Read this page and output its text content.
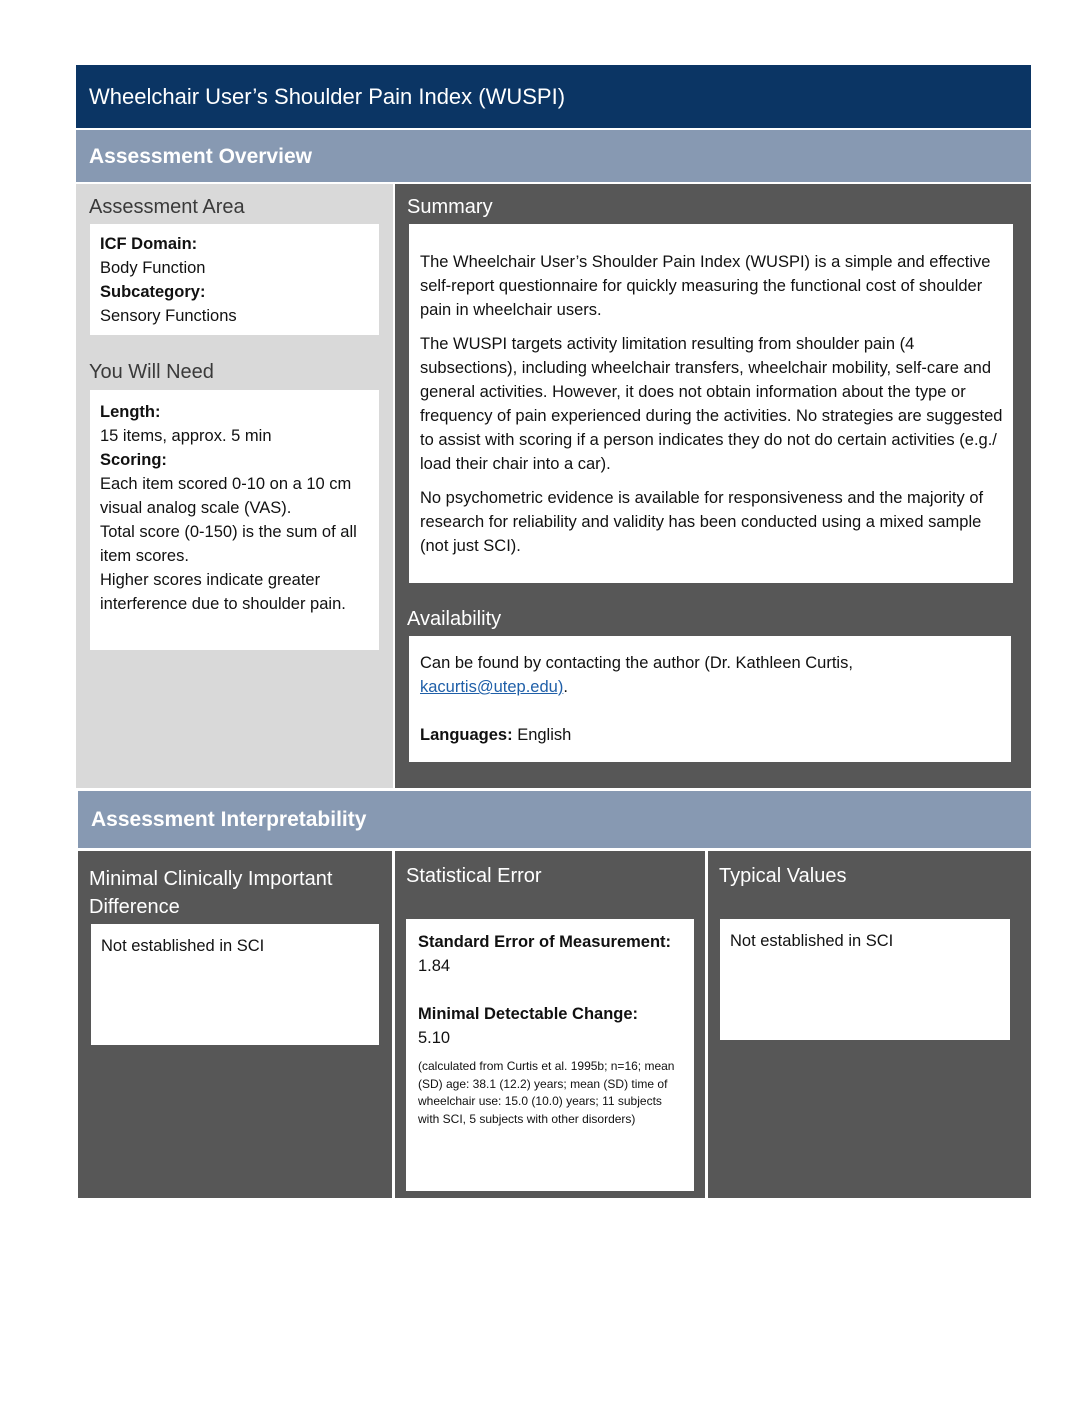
Wheelchair User’s Shoulder Pain Index (WUSPI)
Assessment Overview
Assessment Area
ICF Domain:
Body Function
Subcategory:
Sensory Functions
You Will Need
Length:
15 items, approx. 5 min
Scoring:
Each item scored 0-10 on a 10 cm visual analog scale (VAS).
Total score (0-150) is the sum of all item scores.
Higher scores indicate greater interference due to shoulder pain.
Summary

The Wheelchair User’s Shoulder Pain Index (WUSPI) is a simple and effective self-report questionnaire for quickly measuring the functional cost of shoulder pain in wheelchair users.

The WUSPI targets activity limitation resulting from shoulder pain (4 subsections), including wheelchair transfers, wheelchair mobility, self-care and general activities. However, it does not obtain information about the type or frequency of pain experienced during the activities. No strategies are suggested to assist with scoring if a person indicates they do not do certain activities (e.g./ load their chair into a car).

No psychometric evidence is available for responsiveness and the majority of research for reliability and validity has been conducted using a mixed sample (not just SCI).

Availability
Can be found by contacting the author (Dr. Kathleen Curtis,
kacurtis@utep.edu).
Languages: English
Assessment Interpretability
Minimal Clinically Important Difference
Not established in SCI
Statistical Error
Standard Error of Measurement:
1.84
Minimal Detectable Change:
5.10
(calculated from Curtis et al. 1995b; n=16; mean (SD) age: 38.1 (12.2) years; mean (SD) time of wheelchair use: 15.0 (10.0) years; 11 subjects with SCI, 5 subjects with other disorders)
Typical Values
Not established in SCI
